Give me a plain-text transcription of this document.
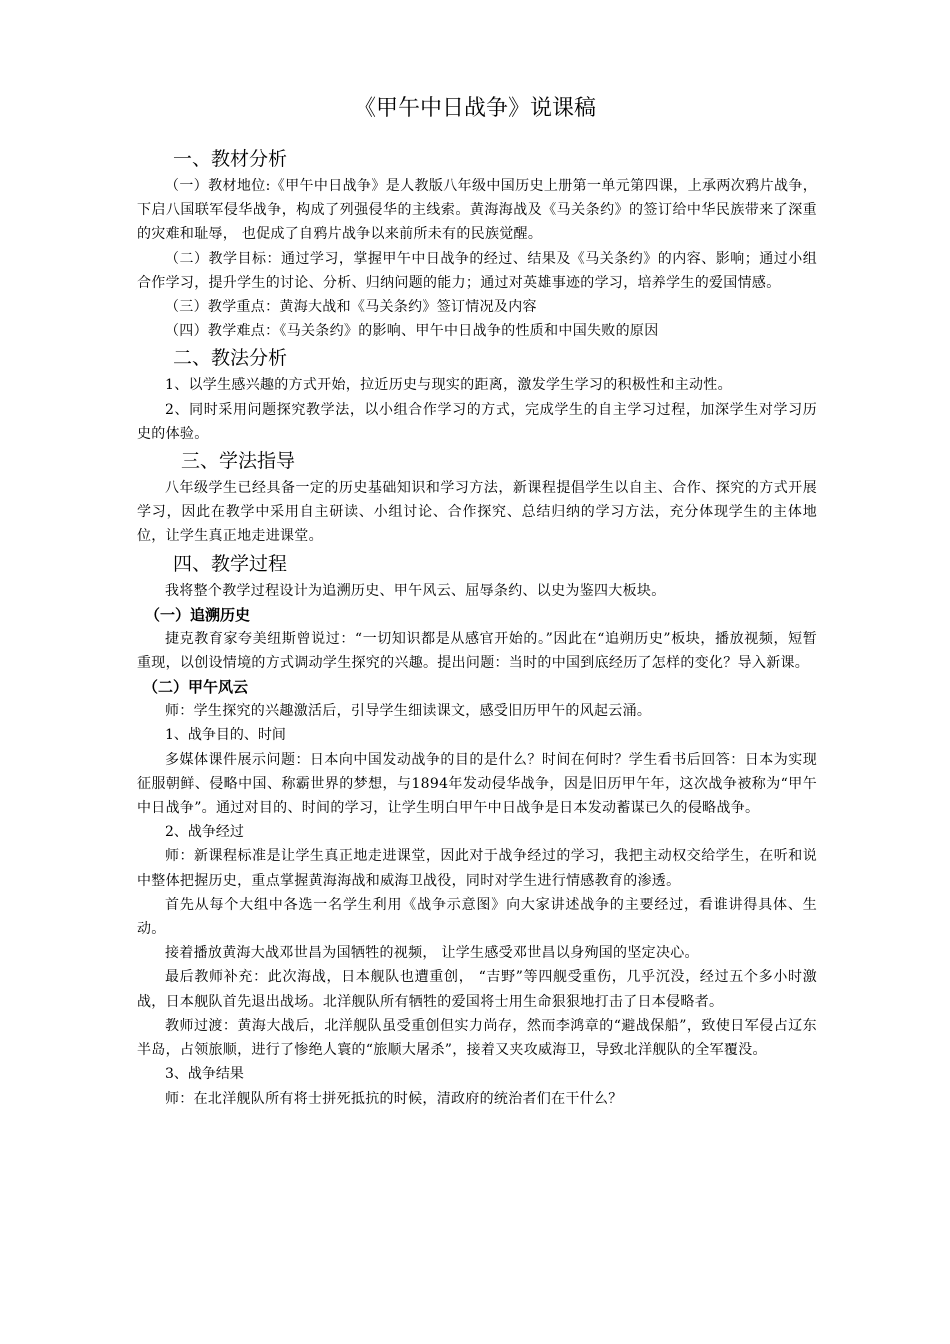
《甲午中日战争》说课稿
一、教材分析
（一）教材地位:《甲午中日战争》是人教版八年级中国历史上册第一单元第四课，上承两次鸦片战争，下启八国联军侵华战争，构成了列强侵华的主线索。黄海海战及《马关条约》的签订给中华民族带来了深重的灾难和耻辱， 也促成了自鸦片战争以来前所未有的民族觉醒。
（二）教学目标：通过学习，掌握甲午中日战争的经过、结果及《马关条约》的内容、影响；通过小组合作学习，提升学生的讨论、分析、归纳问题的能力；通过对英雄事迹的学习，培养学生的爱国情感。
（三）教学重点：黄海大战和《马关条约》签订情况及内容
（四）教学难点：《马关条约》的影响、甲午中日战争的性质和中国失败的原因
二、教法分析
1、以学生感兴趣的方式开始，拉近历史与现实的距离，激发学生学习的积极性和主动性。
2、同时采用问题探究教学法，以小组合作学习的方式，完成学生的自主学习过程，加深学生对学习历史的体验。
三、学法指导
八年级学生已经具备一定的历史基础知识和学习方法，新课程提倡学生以自主、合作、探究的方式开展学习，因此在教学中采用自主研读、小组讨论、合作探究、总结归纳的学习方法，充分体现学生的主体地位，让学生真正地走进课堂。
四、教学过程
我将整个教学过程设计为追溯历史、甲午风云、屈辱条约、以史为鉴四大板块。
（一）追溯历史
捷克教育家夸美纽斯曾说过：“一切知识都是从感官开始的。”因此在“追朔历史”板块，播放视频，短暂重现，以创设情境的方式调动学生探究的兴趣。提出问题：当时的中国到底经历了怎样的变化？导入新课。
（二）甲午风云
师：学生探究的兴趣激活后，引导学生细读课文，感受旧历甲午的风起云涌。
1、战争目的、时间
多媒体课件展示问题：日本向中国发动战争的目的是什么？时间在何时？学生看书后回答：日本为实现征服朝鲜、侵略中国、称霸世界的梦想，与1894年发动侵华战争，因是旧历甲午年，这次战争被称为“甲午中日战争”。通过对目的、时间的学习，让学生明白甲午中日战争是日本发动蓄谋已久的侵略战争。
2、战争经过
师：新课程标准是让学生真正地走进课堂，因此对于战争经过的学习，我把主动权交给学生，在听和说中整体把握历史，重点掌握黄海海战和威海卫战役，同时对学生进行情感教育的渗透。
首先从每个大组中各选一名学生利用《战争示意图》向大家讲述战争的主要经过，看谁讲得具体、生动。
接着播放黄海大战邓世昌为国牺牲的视频， 让学生感受邓世昌以身殉国的坚定决心。
最后教师补充：此次海战，日本舰队也遭重创， “吉野”等四舰受重伤，几乎沉没，经过五个多小时激战，日本舰队首先退出战场。北洋舰队所有牺牲的爱国将士用生命狠狠地打击了日本侵略者。
教师过渡：黄海大战后，北洋舰队虽受重创但实力尚存，然而李鸿章的“避战保船”，致使日军侵占辽东半岛，占领旅顺，进行了惨绝人寰的“旅顺大屠杀”，接着又夹攻威海卫，导致北洋舰队的全军覆没。
3、战争结果
师：在北洋舰队所有将士拼死抵抗的时候，清政府的统治者们在干什么？
